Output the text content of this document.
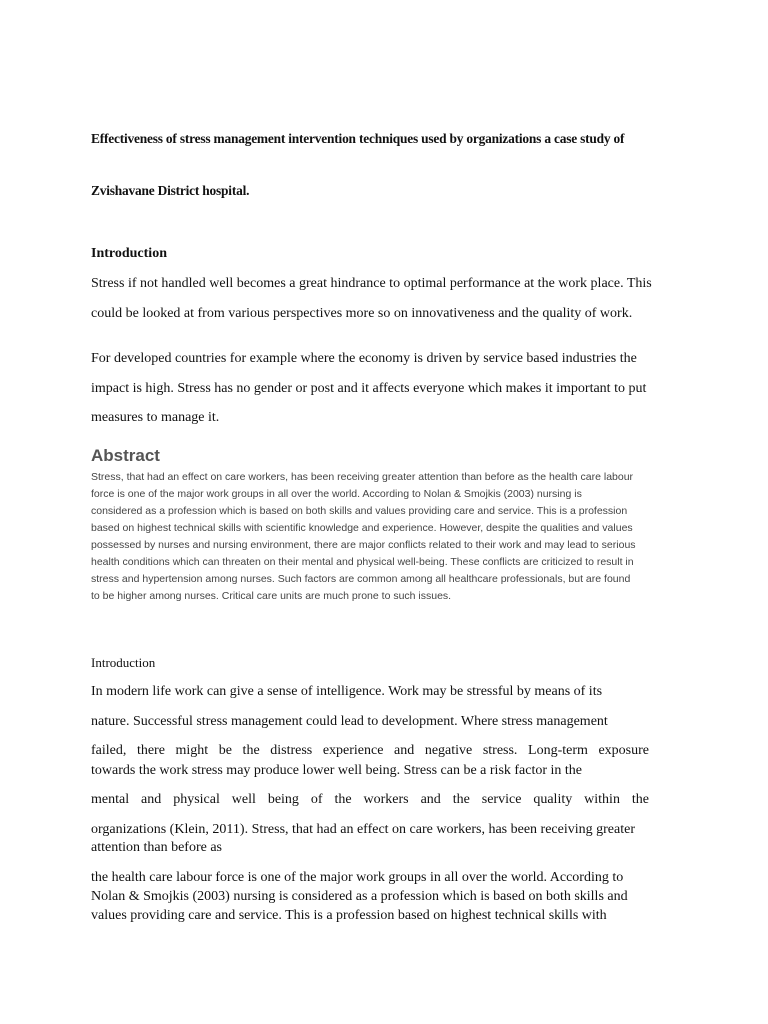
Effectiveness of stress management intervention techniques used by organizations a case study of
Zvishavane District hospital.
Introduction
Stress if not handled well becomes a great hindrance to optimal performance at the work place. This
could be looked at from various perspectives more so on innovativeness and the quality of work.
For developed countries for example where the economy is driven by service based industries the
impact is high. Stress has no gender or post and it affects everyone which makes it important to put
measures to manage it.
Abstract
Stress, that had an effect on care workers, has been receiving greater attention than before as the health care labour
force is one of the major work groups in all over the world. According to Nolan & Smojkis (2003) nursing is
considered as a profession which is based on both skills and values providing care and service. This is a profession
based on highest technical skills with scientific knowledge and experience. However, despite the qualities and values
possessed by nurses and nursing environment, there are major conflicts related to their work and may lead to serious
health conditions which can threaten on their mental and physical well-being. These conflicts are criticized to result in
stress and hypertension among nurses. Such factors are common among all healthcare professionals, but are found
to be higher among nurses. Critical care units are much prone to such issues.
Introduction
In modern life work can give a sense of intelligence. Work may be stressful by means of its
nature. Successful stress management could lead to development. Where stress management
failed, there might be the distress experience and negative stress. Long-term exposure
towards the work stress may produce lower well being. Stress can be a risk factor in the
mental and physical well being of the workers and the service quality within the
organizations (Klein, 2011). Stress, that had an effect on care workers, has been receiving greater
attention than before as
the health care labour force is one of the major work groups in all over the world. According to
Nolan & Smojkis (2003) nursing is considered as a profession which is based on both skills and
values providing care and service. This is a profession based on highest technical skills with
